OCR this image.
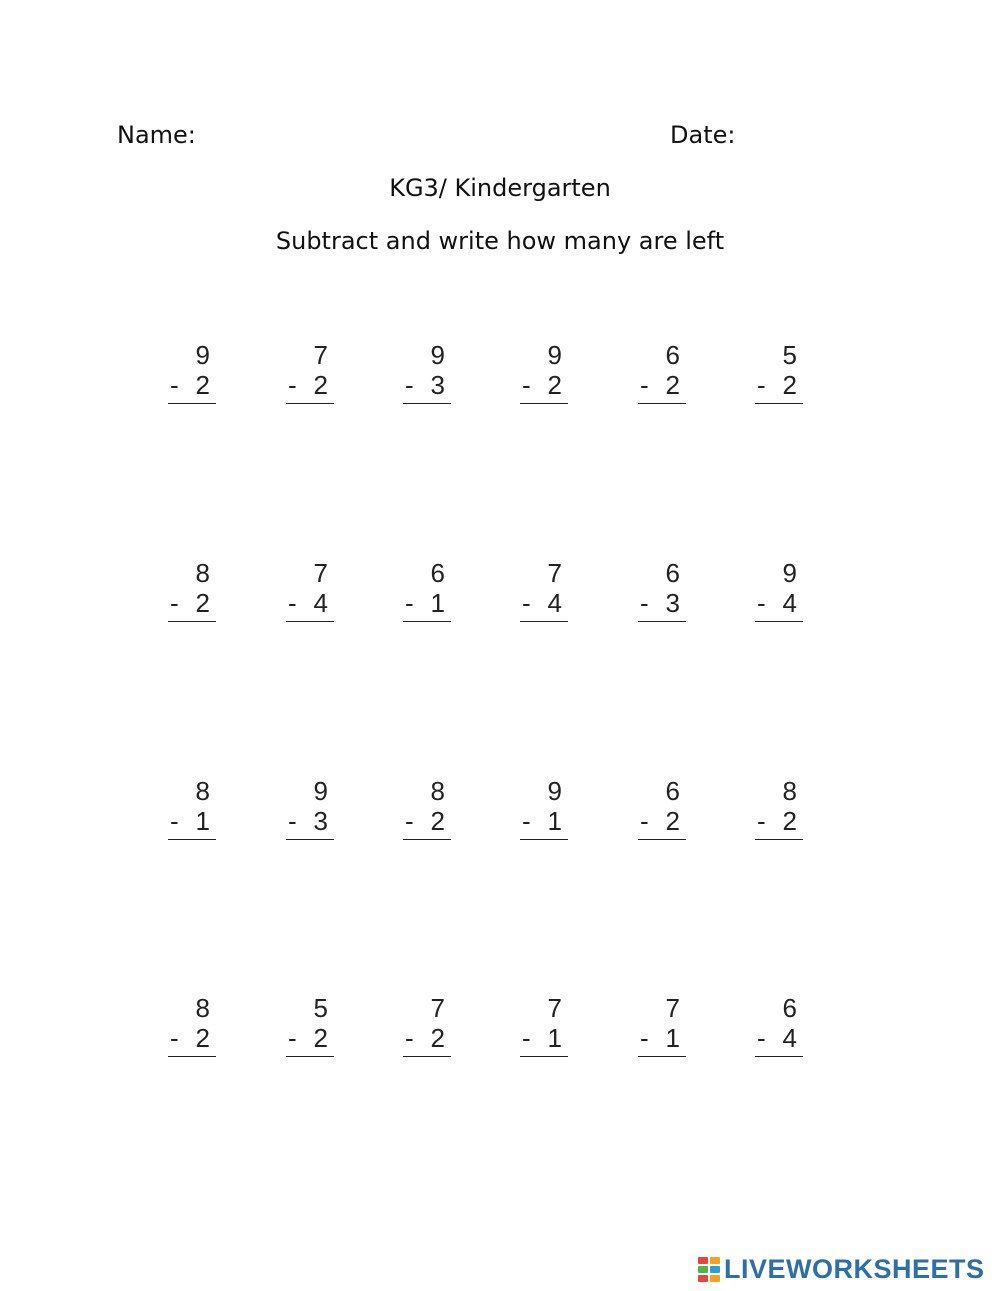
Name:	Date:
KG3/ Kindergarten
Subtract and write how many are left
9
- 2
7
- 2
9
- 3
9
- 2
6
- 2
5
- 2
8
- 2
7
- 4
6
- 1
7
- 4
6
- 3
9
- 4
8
- 1
9
- 3
8
- 2
9
- 1
6
- 2
8
- 2
8
- 2
5
- 2
7
- 2
7
- 1
7
- 1
6
- 4
LIVEWORKSHEETS
